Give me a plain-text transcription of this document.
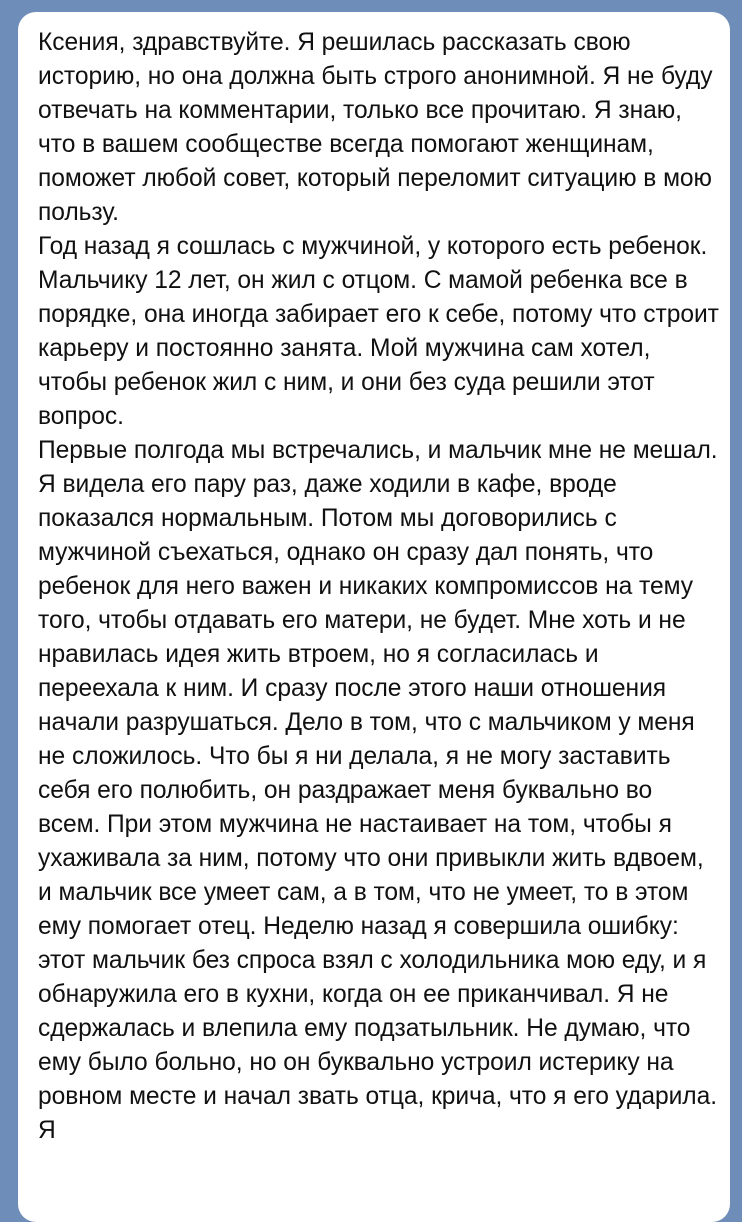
Ксения, здравствуйте. Я решилась рассказать свою историю, но она должна быть строго анонимной. Я не буду отвечать на комментарии, только все прочитаю. Я знаю, что в вашем сообществе всегда помогают женщинам, поможет любой совет, который переломит ситуацию в мою пользу.

Год назад я сошлась с мужчиной, у которого есть ребенок. Мальчику 12 лет, он жил с отцом. С мамой ребенка все в порядке, она иногда забирает его к себе, потому что строит карьеру и постоянно занята. Мой мужчина сам хотел, чтобы ребенок жил с ним, и они без суда решили этот вопрос.

Первые полгода мы встречались, и мальчик мне не мешал. Я видела его пару раз, даже ходили в кафе, вроде показался нормальным. Потом мы договорились с мужчиной съехаться, однако он сразу дал понять, что ребенок для него важен и никаких компромиссов на тему того, чтобы отдавать его матери, не будет. Мне хоть и не нравилась идея жить втроем, но я согласилась и переехала к ним. И сразу после этого наши отношения начали разрушаться. Дело в том, что с мальчиком у меня не сложилось. Что бы я ни делала, я не могу заставить себя его полюбить, он раздражает меня буквально во всем. При этом мужчина не настаивает на том, чтобы я ухаживала за ним, потому что они привыкли жить вдвоем, и мальчик все умеет сам, а в том, что не умеет, то в этом ему помогает отец. Неделю назад я совершила ошибку: этот мальчик без спроса взял с холодильника мою еду, и я обнаружила его в кухни, когда он ее приканчивал. Я не сдержалась и влепила ему подзатыльник. Не думаю, что ему было больно, но он буквально устроил истерику на ровном месте и начал звать отца, крича, что я его ударила. Я
